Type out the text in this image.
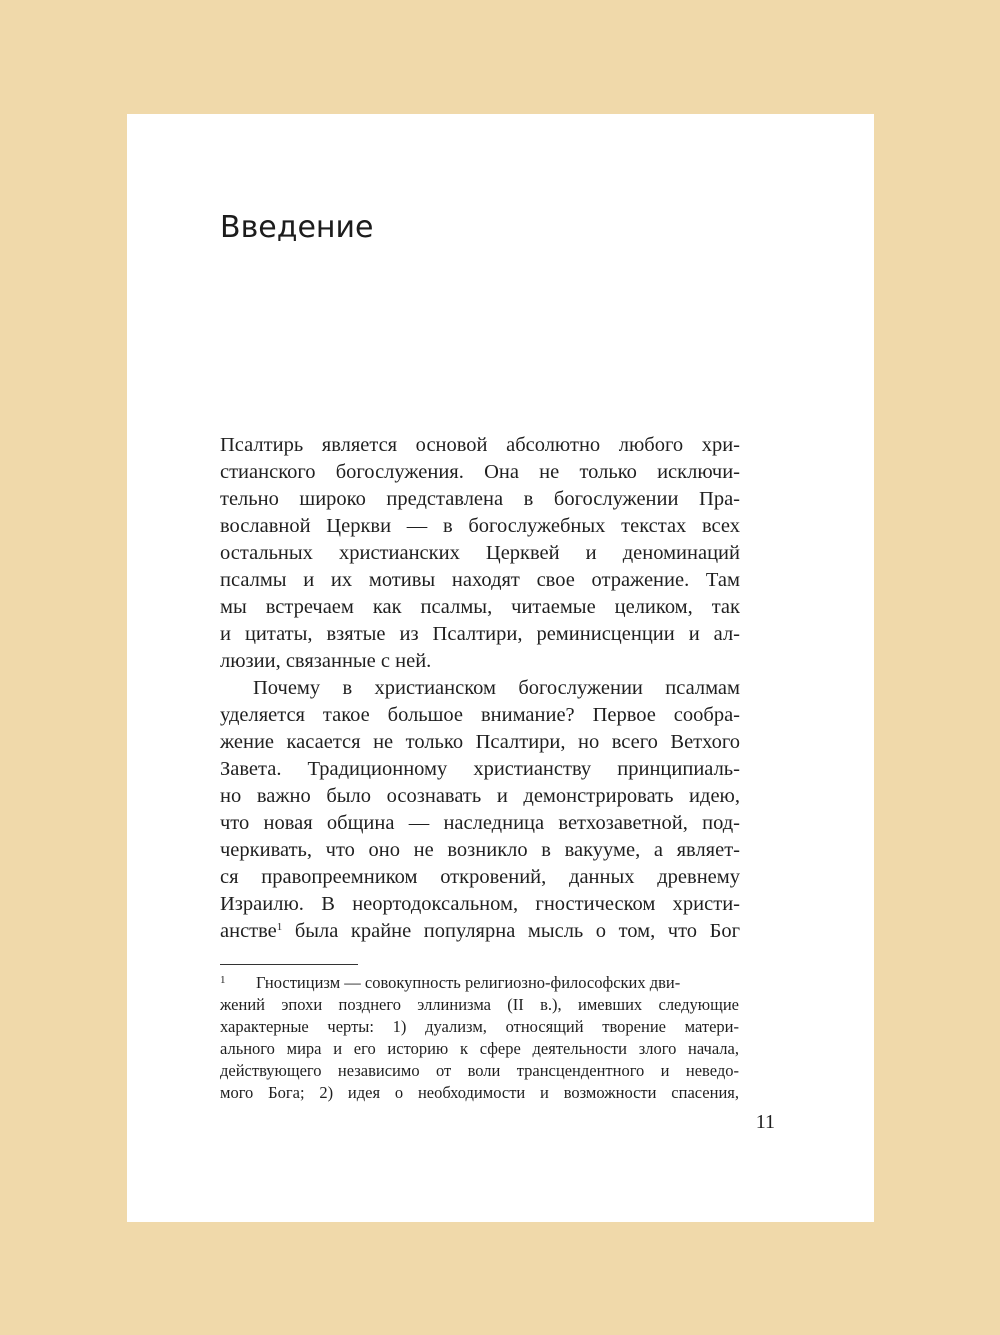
Введение
Псалтирь является основой абсолютно любого хри-
стианского богослужения. Она не только исключи-
тельно широко представлена в богослужении Пра-
вославной Церкви — в богослужебных текстах всех
остальных христианских Церквей и деноминаций
псалмы и их мотивы находят свое отражение. Там
мы встречаем как псалмы, читаемые целиком, так
и цитаты, взятые из Псалтири, реминисценции и ал-
люзии, связанные с ней.
Почему в христианском богослужении псалмам
уделяется такое большое внимание? Первое сообра-
жение касается не только Псалтири, но всего Ветхого
Завета. Традиционному христианству принципиаль-
но важно было осознавать и демонстрировать идею,
что новая община — наследница ветхозаветной, под-
черкивать, что оно не возникло в вакууме, а являет-
ся правопреемником откровений, данных древнему
Израилю. В неортодоксальном, гностическом христи-
анстве$^1$ была крайне популярна мысль о том, что Бог
1 Гностицизм — совокупность религиозно-философских дви-
жений эпохи позднего эллинизма (II в.), имевших следующие
характерные черты: 1) дуализм, относящий творение матери-
ального мира и его историю к сфере деятельности злого начала,
действующего независимо от воли трансцендентного и неведо-
мого Бога; 2) идея о необходимости и возможности спасения,
11
